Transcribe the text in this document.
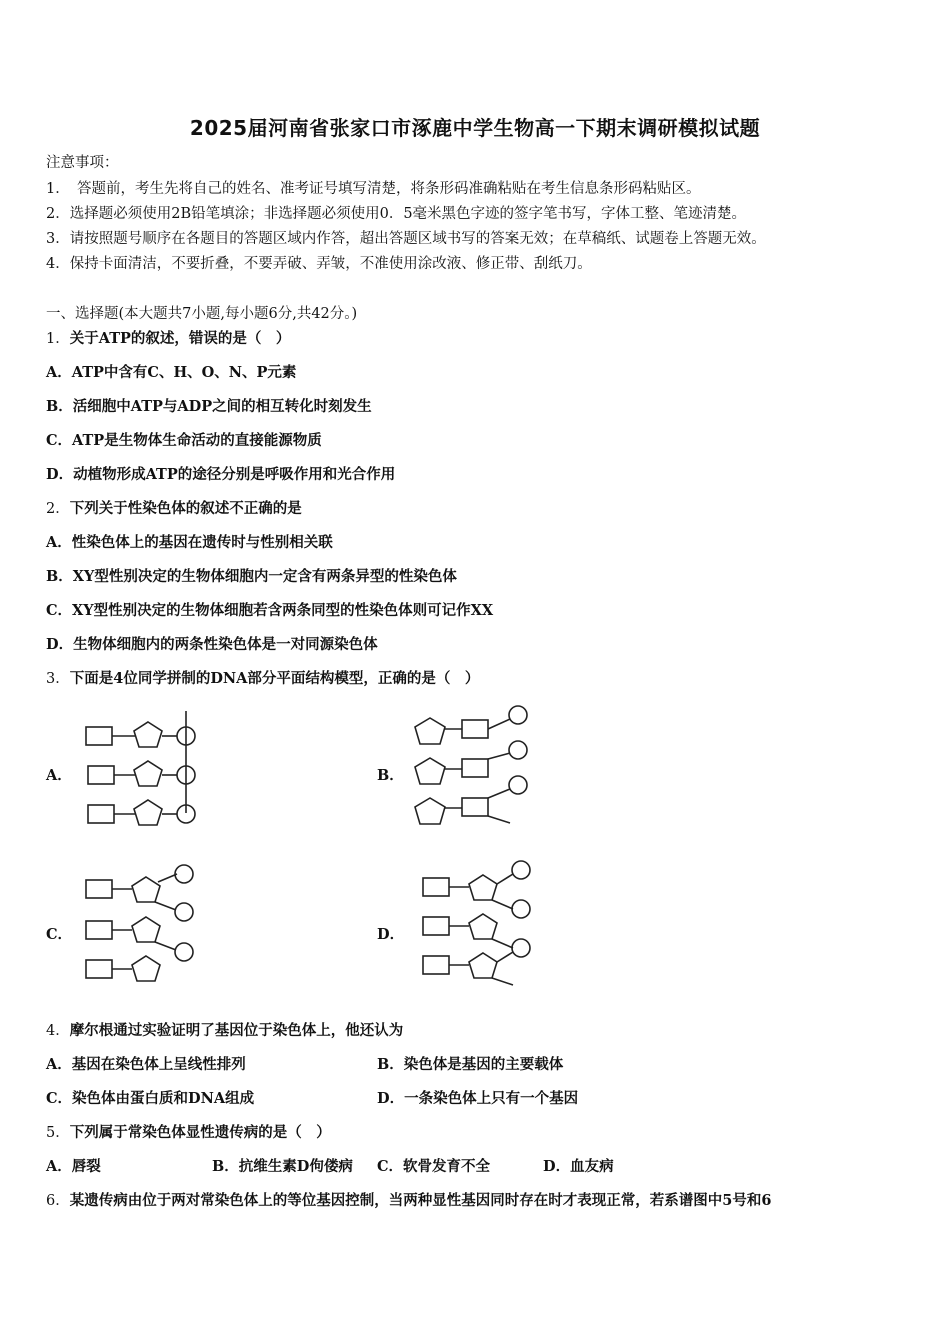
2025届河南省张家口市涿鹿中学生物高一下期末调研模拟试题
注意事项：
1．　答题前，考生先将自己的姓名、准考证号填写清楚，将条形码准确粘贴在考生信息条形码粘贴区。
2．选择题必须使用2B铅笔填涂；非选择题必须使用0．5毫米黑色字迹的签字笔书写，字体工整、笔迹清楚。
3．请按照题号顺序在各题目的答题区域内作答，超出答题区域书写的答案无效；在草稿纸、试题卷上答题无效。
4．保持卡面清洁，不要折叠，不要弄破、弄皱，不准使用涂改液、修正带、刮纸刀。
一、选择题(本大题共7小题,每小题6分,共42分。)
1．关于ATP的叙述，错误的是（　）
A．ATP中含有C、H、O、N、P元素
B．活细胞中ATP与ADP之间的相互转化时刻发生
C．ATP是生物体生命活动的直接能源物质
D．动植物形成ATP的途径分别是呼吸作用和光合作用
2．下列关于性染色体的叙述不正确的是
A．性染色体上的基因在遗传时与性别相关联
B．XY型性别决定的生物体细胞内一定含有两条异型的性染色体
C．XY型性别决定的生物体细胞若含两条同型的性染色体则可记作XX
D．生物体细胞内的两条性染色体是一对同源染色体
3．下面是4位同学拼制的DNA部分平面结构模型，正确的是（　）
A．	B．
C．	D．
4．摩尔根通过实验证明了基因位于染色体上，他还认为
A．基因在染色体上呈线性排列	B．染色体是基因的主要载体
C．染色体由蛋白质和DNA组成	D．一条染色体上只有一个基因
5．下列属于常染色体显性遗传病的是（　）
A．唇裂	B．抗维生素D佝偻病 C．软骨发育不全	D．血友病
6．某遗传病由位于两对常染色体上的等位基因控制，当两种显性基因同时存在时才表现正常，若系谱图中5号和6
